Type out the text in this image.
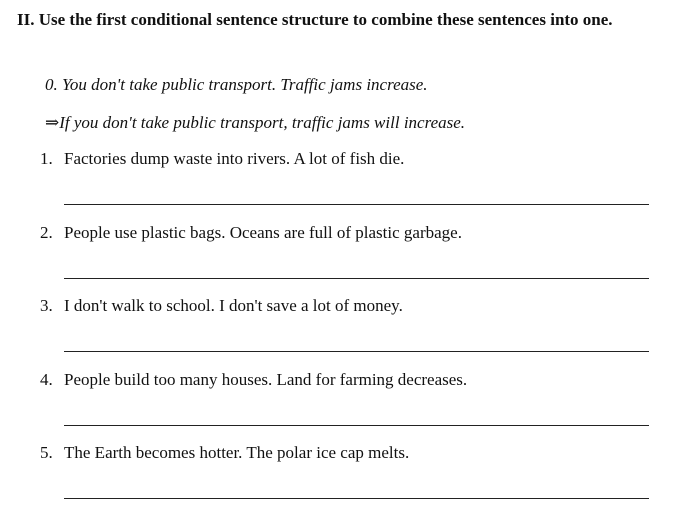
II. Use the first conditional sentence structure to combine these sentences into one.
0. You don't take public transport. Traffic jams increase.
⇒If you don't take public transport, traffic jams will increase.
1. Factories dump waste into rivers. A lot of fish die.
2. People use plastic bags. Oceans are full of plastic garbage.
3. I don't walk to school. I don't save a lot of money.
4. People build too many houses. Land for farming decreases.
5. The Earth becomes hotter. The polar ice cap melts.
